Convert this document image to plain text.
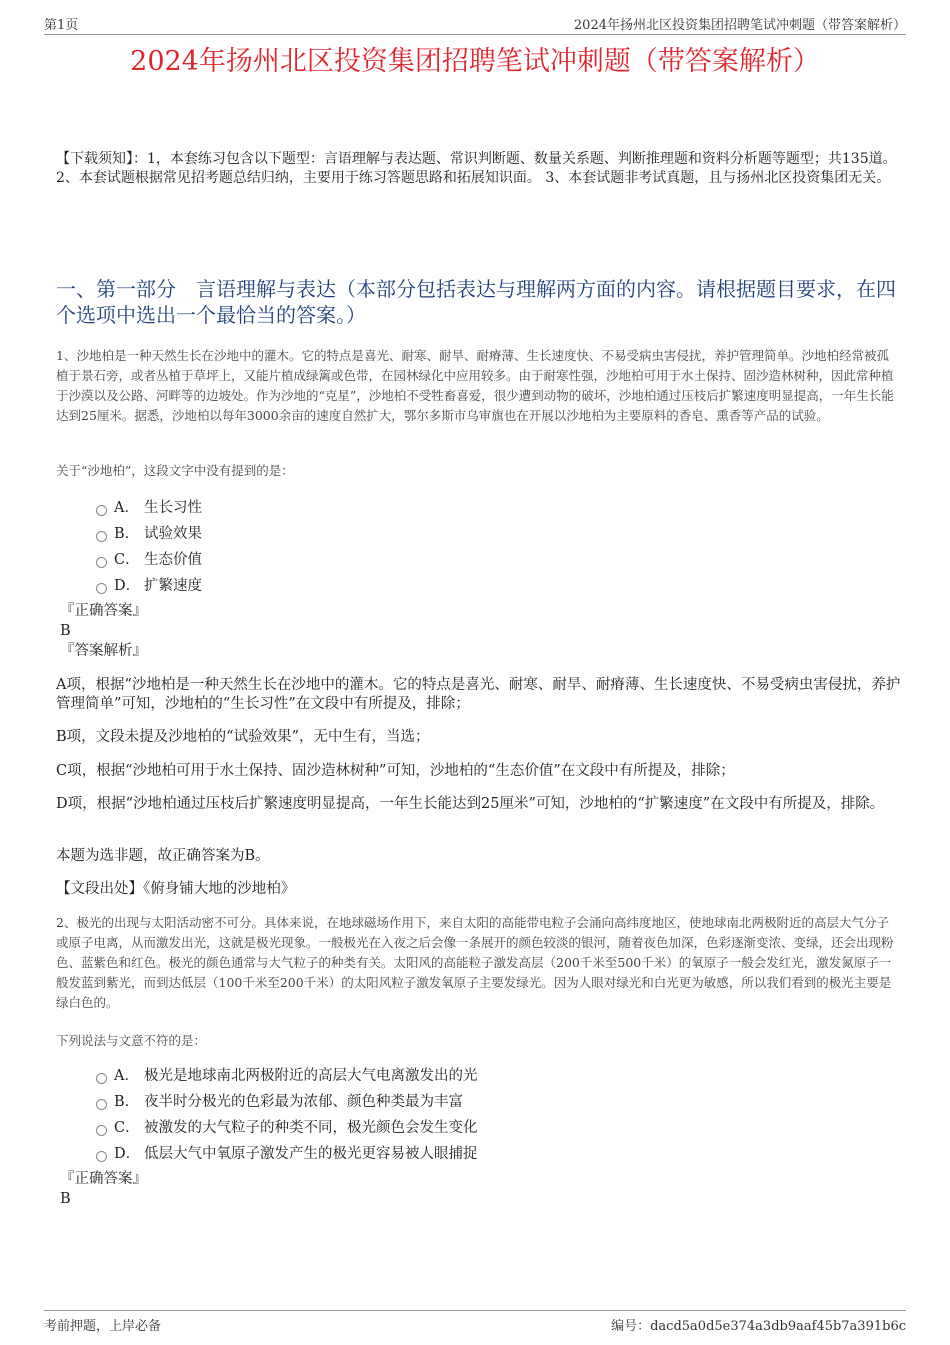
第1页	2024年扬州北区投资集团招聘笔试冲刺题（带答案解析）
2024年扬州北区投资集团招聘笔试冲刺题（带答案解析）
【下载须知】：1，本套练习包含以下题型：言语理解与表达题、常识判断题、数量关系题、判断推理题和资料分析题等题型；共135道。 2、本套试题根据常见招考题总结归纳，主要用于练习答题思路和拓展知识面。 3、本套试题非考试真题，且与扬州北区投资集团无关。
一、第一部分　言语理解与表达（本部分包括表达与理解两方面的内容。请根据题目要求，在四个选项中选出一个最恰当的答案。）
1、沙地柏是一种天然生长在沙地中的灌木。它的特点是喜光、耐寒、耐旱、耐瘠薄、生长速度快、不易受病虫害侵扰，养护管理简单。沙地柏经常被孤植于景石旁，或者丛植于草坪上，又能片植成绿篱或色带，在园林绿化中应用较多。由于耐寒性强，沙地柏可用于水土保持、固沙造林树种，因此常种植于沙漠以及公路、河畔等的边坡处。作为沙地的“克星”，沙地柏不受牲畜喜爱，很少遭到动物的破坏，沙地柏通过压枝后扩繁速度明显提高，一年生长能达到25厘米。据悉，沙地柏以每年3000余亩的速度自然扩大，鄂尔多斯市乌审旗也在开展以沙地柏为主要原料的香皂、熏香等产品的试验。
关于“沙地柏”，这段文字中没有提到的是：
A． 生长习性
B． 试验效果
C． 生态价值
D． 扩繁速度
『正确答案』
B
『答案解析』
A项，根据“沙地柏是一种天然生长在沙地中的灌木。它的特点是喜光、耐寒、耐旱、耐瘠薄、生长速度快、不易受病虫害侵扰，养护管理简单”可知，沙地柏的“生长习性”在文段中有所提及，排除；
B项，文段未提及沙地柏的“试验效果”，无中生有，当选；
C项，根据“沙地柏可用于水土保持、固沙造林树种”可知，沙地柏的“生态价值”在文段中有所提及，排除；
D项，根据“沙地柏通过压枝后扩繁速度明显提高，一年生长能达到25厘米”可知，沙地柏的“扩繁速度”在文段中有所提及，排除。
本题为选非题，故正确答案为B。
【文段出处】《俯身铺大地的沙地柏》
2、极光的出现与太阳活动密不可分。具体来说，在地球磁场作用下，来自太阳的高能带电粒子会涌向高纬度地区，使地球南北两极附近的高层大气分子或原子电离，从而激发出光，这就是极光现象。一般极光在入夜之后会像一条展开的颜色较淡的银河，随着夜色加深，色彩逐渐变浓、变绿，还会出现粉色、蓝紫色和红色。极光的颜色通常与大气粒子的种类有关。太阳风的高能粒子激发高层（200千米至500千米）的氧原子一般会发红光，激发氮原子一般发蓝到紫光，而到达低层（100千米至200千米）的太阳风粒子激发氧原子主要发绿光。因为人眼对绿光和白光更为敏感，所以我们看到的极光主要是绿白色的。
下列说法与文意不符的是：
A． 极光是地球南北两极附近的高层大气电离激发出的光
B． 夜半时分极光的色彩最为浓郁、颜色种类最为丰富
C． 被激发的大气粒子的种类不同，极光颜色会发生变化
D． 低层大气中氧原子激发产生的极光更容易被人眼捕捉
『正确答案』
B
考前押题，上岸必备	编号：dacd5a0d5e374a3db9aaf45b7a391b6c
